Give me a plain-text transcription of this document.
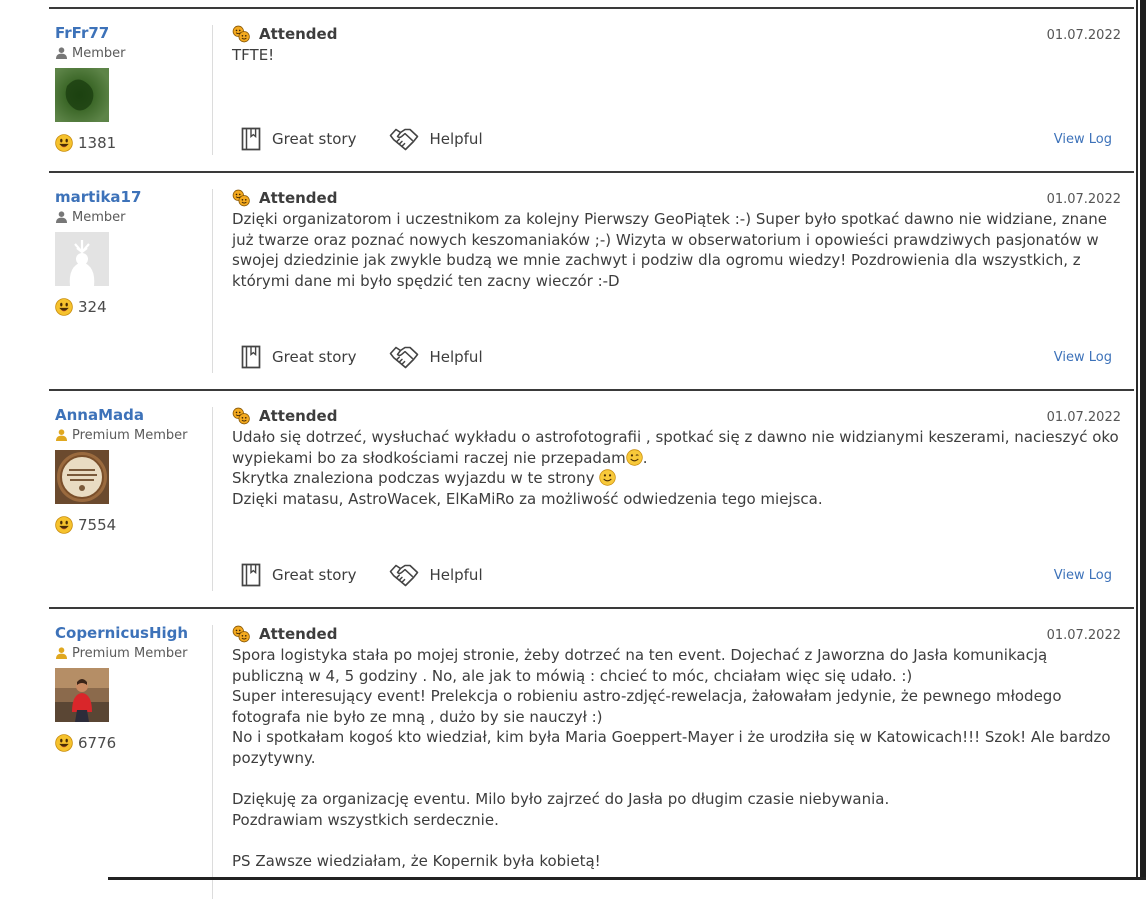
FrFr77
Member
1381
Attended	01.07.2022
TFTE!
Great story	Helpful	View Log
martika17
Member
324
Attended	01.07.2022
Dzięki organizatorom i uczestnikom za kolejny Pierwszy GeoPiątek :-) Super było spotkać dawno nie widziane, znane już twarze oraz poznać nowych keszomaniaków ;-) Wizyta w obserwatorium i opowieści prawdziwych pasjonatów w swojej dziedzinie jak zwykle budzą we mnie zachwyt i podziw dla ogromu wiedzy! Pozdrowienia dla wszystkich, z którymi dane mi było spędzić ten zacny wieczór :-D
Great story	Helpful	View Log
AnnaMada
Premium Member
7554
Attended	01.07.2022
Udało się dotrzeć, wysłuchać wykładu o astrofotografii , spotkać się z dawno nie widzianymi keszerami, nacieszyć oko wypiekami bo za słodkościami raczej nie przepadam .
Skrytka znaleziona podczas wyjazdu w te strony
Dzięki matasu, AstroWacek, ElKaMiRo za możliwość odwiedzenia tego miejsca.
Great story	Helpful	View Log
CopernicusHigh
Premium Member
6776
Attended	01.07.2022
Spora logistyka stała po mojej stronie, żeby dotrzeć na ten event. Dojechać z Jaworzna do Jasła komunikacją publiczną w 4, 5 godziny . No, ale jak to mówią : chcieć to móc, chciałam więc się udało. :)
Super interesujący event! Prelekcja o robieniu astro-zdjęć-rewelacja, żałowałam jedynie, że pewnego młodego fotografa nie było ze mną , dużo by sie nauczył :)
No i spotkałam kogoś kto wiedział, kim była Maria Goeppert-Mayer i że urodziła się w Katowicach!!! Szok! Ale bardzo pozytywny.

Dziękuję za organizację eventu. Milo było zajrzeć do Jasła po długim czasie niebywania.
Pozdrawiam wszystkich serdecznie.

PS Zawsze wiedziałam, że Kopernik była kobietą!
